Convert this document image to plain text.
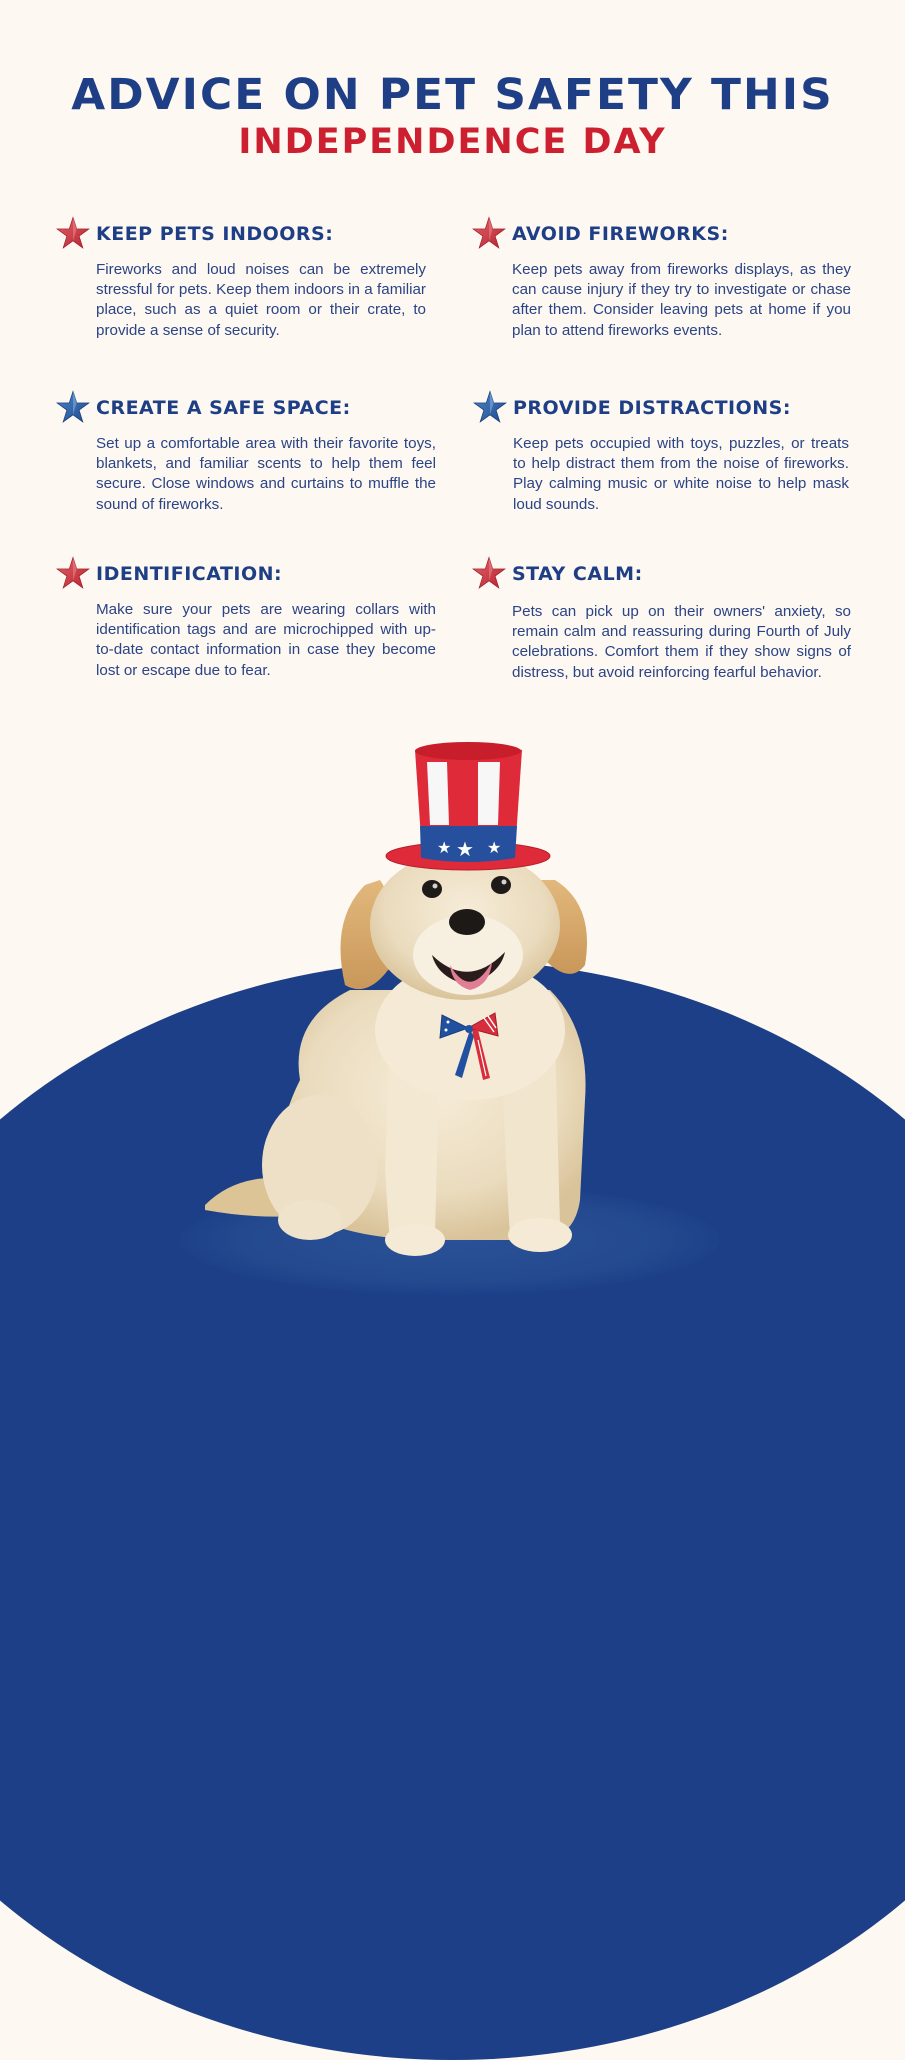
ADVICE ON PET SAFETY THIS
INDEPENDENCE DAY
KEEP PETS INDOORS:
Fireworks and loud noises can be extremely stressful for pets. Keep them indoors in a familiar place, such as a quiet room or their crate, to provide a sense of security.
AVOID FIREWORKS:
Keep pets away from fireworks displays, as they can cause injury if they try to investigate or chase after them. Consider leaving pets at home if you plan to attend fireworks events.
CREATE A SAFE SPACE:
Set up a comfortable area with their favorite toys, blankets, and familiar scents to help them feel secure. Close windows and curtains to muffle the sound of fireworks.
PROVIDE DISTRACTIONS:
Keep pets occupied with toys, puzzles, or treats to help distract them from the noise of fireworks. Play calming music or white noise to help mask loud sounds.
IDENTIFICATION:
Make sure your pets are wearing collars with identification tags and are microchipped with up-to-date contact information in case they become lost or escape due to fear.
STAY CALM:
Pets can pick up on their owners' anxiety, so remain calm and reassuring during Fourth of July celebrations. Comfort them if they show signs of distress, but avoid reinforcing fearful behavior.
★ ★ ★
